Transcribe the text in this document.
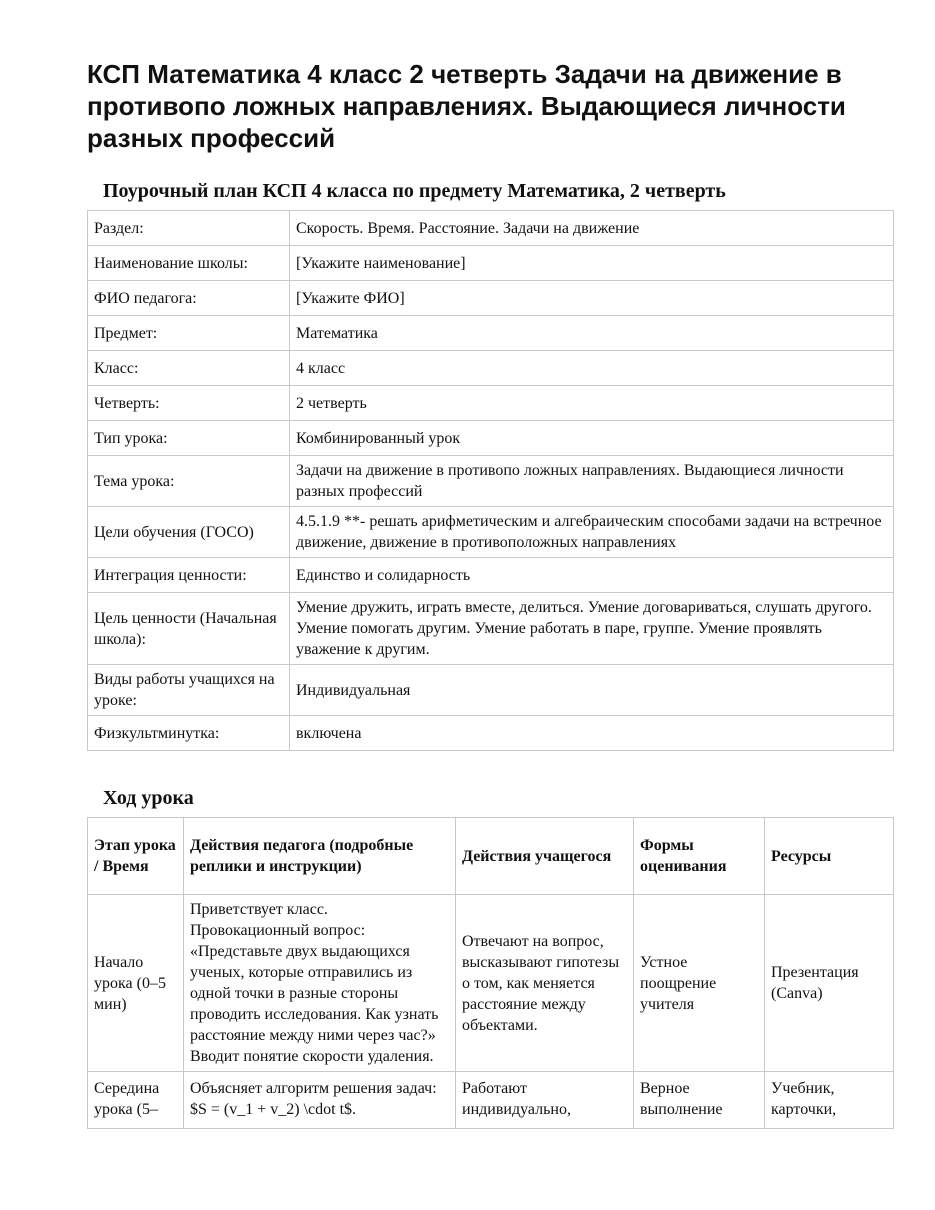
КСП Математика 4 класс 2 четверть Задачи на движение в противопо ложных направлениях. Выдающиеся личности разных профессий
Поурочный план КСП 4 класса по предмету Математика, 2 четверть
Раздел:	Скорость. Время. Расстояние. Задачи на движение
Наименование школы:	[Укажите наименование]
ФИО педагога:	[Укажите ФИО]
Предмет:	Математика
Класс:	4 класс
Четверть:	2 четверть
Тип урока:	Комбинированный урок
Тема урока:	Задачи на движение в противопо ложных направлениях. Выдающиеся личности разных профессий
Цели обучения (ГОСО)	4.5.1.9 **- решать арифметическим и алгебраическим способами задачи на встречное движение, движение в противоположных направлениях
Интеграция ценности:	Единство и солидарность
Цель ценности (Начальная школа):	Умение дружить, играть вместе, делиться. Умение договариваться, слушать другого. Умение помогать другим. Умение работать в паре, группе. Умение проявлять уважение к другим.
Виды работы учащихся на уроке:	Индивидуальная
Физкультминутка:	включена
Ход урока
Этап урока / Время	Действия педагога (подробные реплики и инструкции)	Действия учащегося	Формы оценивания	Ресурсы
Начало урока (0–5 мин)	Приветствует класс. Провокационный вопрос: «Представьте двух выдающихся ученых, которые отправились из одной точки в разные стороны проводить исследования. Как узнать расстояние между ними через час?» Вводит понятие скорости удаления.	Отвечают на вопрос, высказывают гипотезы о том, как меняется расстояние между объектами.	Устное поощрение учителя	Презентация (Canva)

Середина урока (5–	Объясняет алгоритм решения задач: $S = (v_1 + v_2) \cdot t$.	Работают индивидуально,	Верное выполнение	Учебник, карточки,
